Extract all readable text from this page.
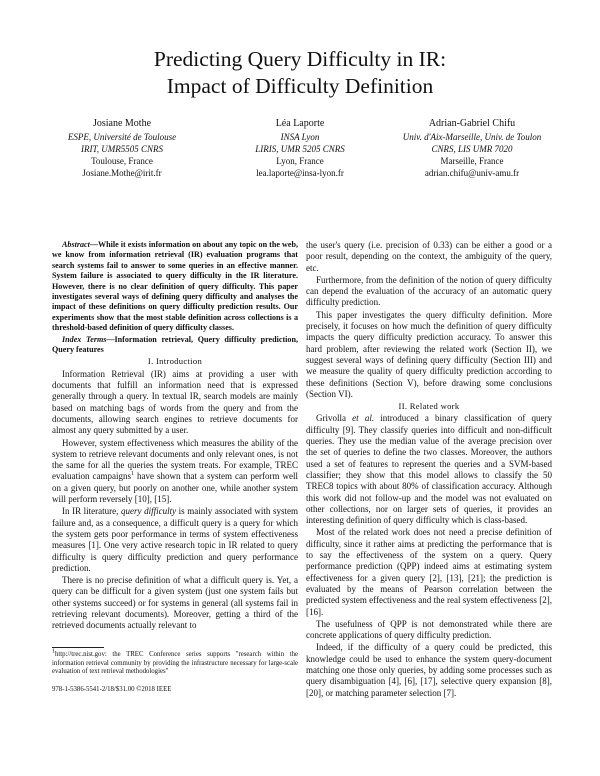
Predicting Query Difficulty in IR:
Impact of Difficulty Definition
Josiane Mothe
ESPE, Université de Toulouse
IRIT, UMR5505 CNRS
Toulouse, France
Josiane.Mothe@irit.fr
Léa Laporte
INSA Lyon
LIRIS, UMR 5205 CNRS
Lyon, France
lea.laporte@insa-lyon.fr
Adrian-Gabriel Chifu
Univ. d'Aix-Marseille, Univ. de Toulon
CNRS, LIS UMR 7020
Marseille, France
adrian.chifu@univ-amu.fr

Abstract—While it exists information on about any topic on the web, we know from information retrieval (IR) evaluation programs that search systems fail to answer to some queries in an effective manner. System failure is associated to query difficulty in the IR literature. However, there is no clear definition of query difficulty. This paper investigates several ways of defining query difficulty and analyses the impact of these definitions on query difficulty prediction results. Our experiments show that the most stable definition across collections is a threshold-based definition of query difficulty classes.

Index Terms—Information retrieval, Query difficulty prediction, Query features

I. Introduction

Information Retrieval (IR) aims at providing a user with documents that fulfill an information need that is expressed generally through a query. In textual IR, search models are mainly based on matching bags of words from the query and from the documents, allowing search engines to retrieve documents for almost any query submitted by a user.

However, system effectiveness which measures the ability of the system to retrieve relevant documents and only relevant ones, is not the same for all the queries the system treats. For example, TREC evaluation campaigns$^1$ have shown that a system can perform well on a given query, but poorly on another one, while another system will perform reversely [10], [15].

In IR literature, query difficulty is mainly associated with system failure and, as a consequence, a difficult query is a query for which the system gets poor performance in terms of system effectiveness measures [1]. One very active research topic in IR related to query difficulty is query difficulty prediction and query performance prediction.

There is no precise definition of what a difficult query is. Yet, a query can be difficult for a given system (just one system fails but other systems succeed) or for systems in general (all systems fail in retrieving relevant documents). Moreover, getting a third of the retrieved documents actually relevant to

$^1$http://trec.nist.gov: the TREC Conference series supports "research within the information retrieval community by providing the infrastructure necessary for large-scale evaluation of text retrieval methodologies"
978-1-5386-5541-2/18/$31.00 ©2018 IEEE

the user's query (i.e. precision of 0.33) can be either a good or a poor result, depending on the context, the ambiguity of the query, etc.

Furthermore, from the definition of the notion of query difficulty can depend the evaluation of the accuracy of an automatic query difficulty prediction.

This paper investigates the query difficulty definition. More precisely, it focuses on how much the definition of query difficulty impacts the query difficulty prediction accuracy. To answer this hard problem, after reviewing the related work (Section II), we suggest several ways of defining query difficulty (Section III) and we measure the quality of query difficulty prediction according to these definitions (Section V), before drawing some conclusions (Section VI).

II. Related work

Grivolla et al. introduced a binary classification of query difficulty [9]. They classify queries into difficult and non-difficult queries. They use the median value of the average precision over the set of queries to define the two classes. Moreover, the authors used a set of features to represent the queries and a SVM-based classifier; they show that this model allows to classify the 50 TREC8 topics with about 80% of classification accuracy. Although this work did not follow-up and the model was not evaluated on other collections, nor on larger sets of queries, it provides an interesting definition of query difficulty which is class-based.

Most of the related work does not need a precise definition of difficulty, since it rather aims at predicting the performance that is to say the effectiveness of the system on a query. Query performance prediction (QPP) indeed aims at estimating system effectiveness for a given query [2], [13], [21]; the prediction is evaluated by the means of Pearson correlation between the predicted system effectiveness and the real system effectiveness [2], [16].

The usefulness of QPP is not demonstrated while there are concrete applications of query difficulty prediction.

Indeed, if the difficulty of a query could be predicted, this knowledge could be used to enhance the system query-document matching one those only queries, by adding some processes such as query disambiguation [4], [6], [17], selective query expansion [8], [20], or matching parameter selection [7].
